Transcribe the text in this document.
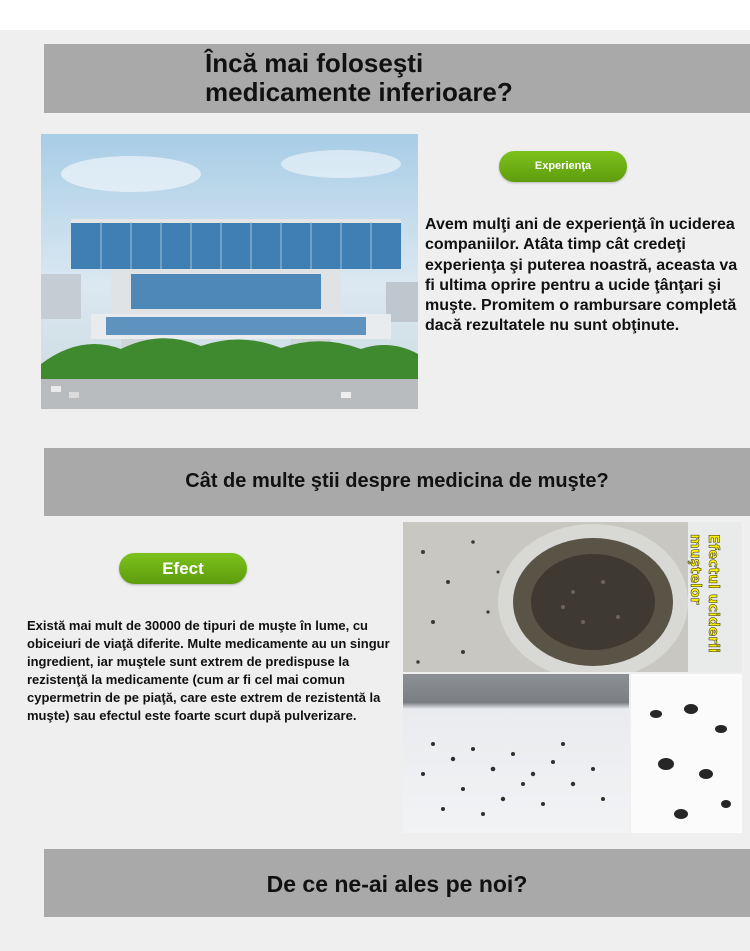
Încă mai foloseşti
medicamente inferioare?
Experienţa
Avem mulţi ani de experienţă în uciderea companiilor. Atâta timp cât credeţi experienţa şi puterea noastră, aceasta va fi ultima oprire pentru a ucide ţânţari şi muşte. Promitem o rambursare completă dacă rezultatele nu sunt obţinute.
Cât de multe ştii despre medicina de muşte?
Efect
Există mai mult de 30000 de tipuri de muşte în lume, cu obiceiuri de viaţă diferite. Multe medicamente au un singur ingredient, iar muştele sunt extrem de predispuse la rezistenţă la medicamente (cum ar fi cel mai comun cypermetrin de pe piaţă, care este extrem de rezistentă la muşte) sau efectul este foarte scurt după pulverizare.
Efectul uciderii muştelor
De ce ne-ai ales pe noi?
